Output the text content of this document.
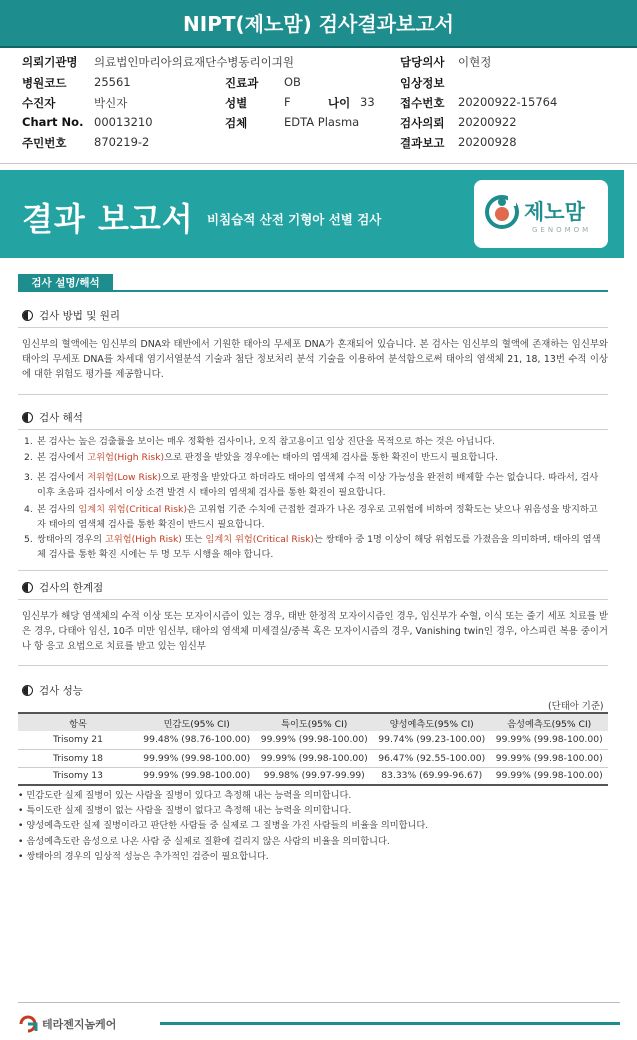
NIPT(제노맘) 검사결과보고서
의뢰기관명 의료법인마리아의료재단수병동리이긔원	담당의사 이현정
병원코드 25561	진료과 OB	임상정보
수진자	박신자	성별	F	나이 33 접수번호 20200922-15764
Chart No. 00013210	검체	EDTA Plasma	검사의뢰 20200922
주민번호 870219-2	결과보고 20200928
결과 보고서 비침습적 산전 기형아 선별 검사	제노맘
GENOMOM
검사 설명/해석
검사 방법 및 원리
임신부의 혈액에는 임신부의 DNA와 태반에서 기원한 태아의 무세포 DNA가 혼재되어 있습니다. 본 검사는 임신부의 혈액에 존재하는 임신부와 태아의 무세포 DNA를 차세대 염기서열분석 기술과 첨단 정보처리 분석 기술을 이용하여 분석함으로써 태아의 염색체 21, 18, 13번 수적 이상에 대한 위험도 평가를 제공합니다.
검사 해석
1. 본 검사는 높은 검출률을 보이는 매우 정확한 검사이나, 오직 참고용이고 임상 진단을 목적으로 하는 것은 아닙니다.
2. 본 검사에서 고위험(High Risk)으로 판정을 받았을 경우에는 태아의 염색체 검사를 통한 확진이 반드시 필요합니다.
3. 본 검사에서 저위험(Low Risk)으로 판정을 받았다고 하더라도 태아의 염색체 수적 이상 가능성을 완전히 배제할 수는 없습니다. 따라서, 검사 이후 초음파 검사에서 이상 소견 발견 시 태아의 염색체 검사를 통한 확진이 필요합니다.
4. 본 검사의 임계치 위험(Critical Risk)은 고위험 기준 수치에 근접한 결과가 나온 경우로 고위험에 비하여 정확도는 낮으나 위음성을 방지하고자 태아의 염색체 검사를 통한 확진이 반드시 필요합니다.
5. 쌍태아의 경우의 고위험(High Risk) 또는 임계치 위험(Critical Risk)는 쌍태아 중 1명 이상이 해당 위험도를 가졌음을 의미하며, 태아의 염색체 검사를 통한 확진 시에는 두 명 모두 시행을 해야 합니다.
검사의 한계점
임신부가 해당 염색체의 수적 이상 또는 모자이시즘이 있는 경우, 태반 한정적 모자이시즘인 경우, 임신부가 수혈, 이식 또는 줄기 세포 치료를 받은 경우, 다태아 임신, 10주 미만 임신부, 태아의 염색체 미세결실/중복 혹은 모자이시즘의 경우, Vanishing twin인 경우, 아스피린 복용 중이거나 항 응고 요법으로 치료를 받고 있는 임신부
검사 성능
(단태아 기준)
항목	민감도(95% CI)	특이도(95% CI)	양성예측도(95% CI)	음성예측도(95% CI)
Trisomy 21	99.48% (98.76-100.00)	99.99% (99.98-100.00)	99.74% (99.23-100.00)	99.99% (99.98-100.00)
Trisomy 18	99.99% (99.98-100.00)	99.99% (99.98-100.00)	96.47% (92.55-100.00)	99.99% (99.98-100.00)
Trisomy 13	99.99% (99.98-100.00)	99.98% (99.97-99.99)	83.33% (69.99-96.67)	99.99% (99.98-100.00)
• 민감도란 실제 질병이 있는 사람을 질병이 있다고 측정해 내는 능력을 의미합니다.
• 특이도란 실제 질병이 없는 사람을 질병이 없다고 측정해 내는 능력을 의미합니다.
• 양성예측도란 실제 질병이라고 판단한 사람들 중 실제로 그 질병을 가진 사람들의 비율을 의미합니다.
• 음성예측도란 음성으로 나온 사람 중 실제로 질환에 걸리지 않은 사람의 비율을 의미합니다.
• 쌍태아의 경우의 임상적 성능은 추가적인 검증이 필요합니다.
테라젠지놈케어
